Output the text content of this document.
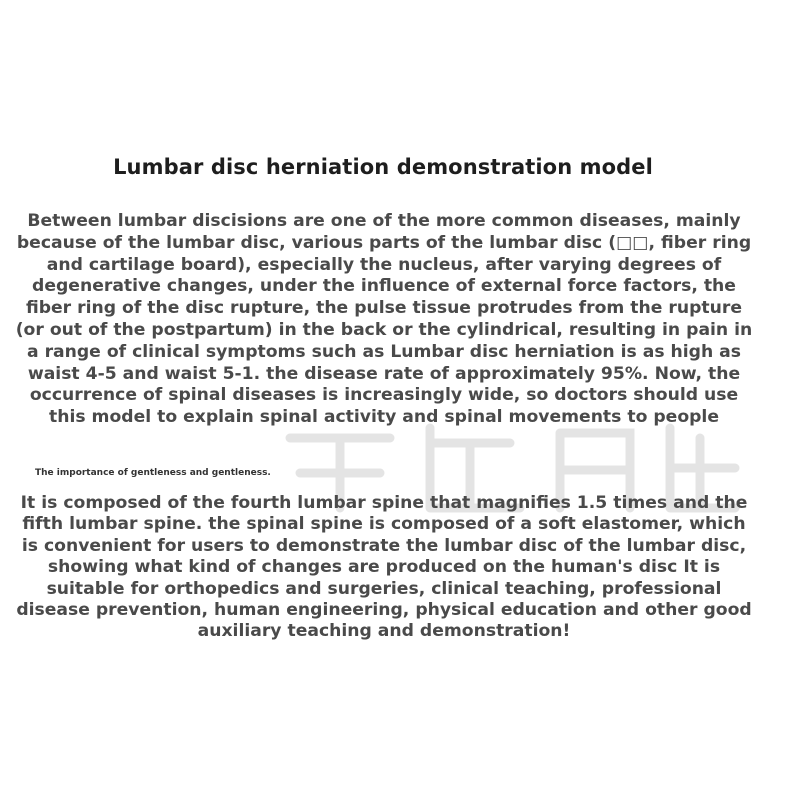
Lumbar disc herniation demonstration model

Between lumbar discisions are one of the more common diseases, mainly because of the lumbar disc, various parts of the lumbar disc (□□, fiber ring and cartilage board), especially the nucleus, after varying degrees of degenerative changes, under the influence of external force factors, the fiber ring of the disc rupture, the pulse tissue protrudes from the rupture (or out of the postpartum) in the back or the cylindrical, resulting in pain in a range of clinical symptoms such as Lumbar disc herniation is as high as waist 4-5 and waist 5-1. the disease rate of approximately 95%. Now, the occurrence of spinal diseases is increasingly wide, so doctors should use this model to explain spinal activity and spinal movements to people

The importance of gentleness and gentleness.

It is composed of the fourth lumbar spine that magnifies 1.5 times and the fifth lumbar spine. the spinal spine is composed of a soft elastomer, which is convenient for users to demonstrate the lumbar disc of the lumbar disc, showing what kind of changes are produced on the human's disc It is suitable for orthopedics and surgeries, clinical teaching, professional disease prevention, human engineering, physical education and other good auxiliary teaching and demonstration!
